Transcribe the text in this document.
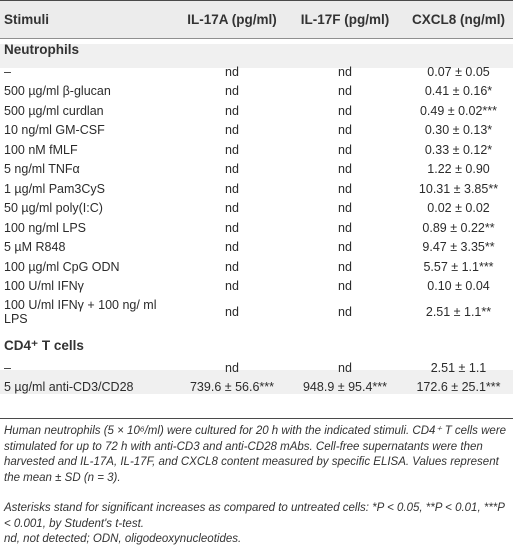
Stimuli	IL-17A (pg/ml)	IL-17F (pg/ml)	CXCL8 (ng/ml)
Neutrophils			
–	nd	nd	0.07 ± 0.05
500 µg/ml β-glucan	nd	nd	0.41 ± 0.16*
500 µg/ml curdlan	nd	nd	0.49 ± 0.02***
10 ng/ml GM-CSF	nd	nd	0.30 ± 0.13*
100 nM fMLF	nd	nd	0.33 ± 0.12*
5 ng/ml TNFα	nd	nd	1.22 ± 0.90
1 µg/ml Pam3CyS	nd	nd	10.31 ± 3.85**
50 µg/ml poly(I:C)	nd	nd	0.02 ± 0.02
100 ng/ml LPS	nd	nd	0.89 ± 0.22**
5 µM R848	nd	nd	9.47 ± 3.35**
100 µg/ml CpG ODN	nd	nd	5.57 ± 1.1***
100 U/ml IFNγ	nd	nd	0.10 ± 0.04
100 U/ml IFNγ + 100 ng/ ml LPS	nd	nd	2.51 ± 1.1**

CD4⁺ T cells			
–	nd	nd	2.51 ± 1.1
5 µg/ml anti-CD3/CD28	739.6 ± 56.6***	948.9 ± 95.4***	172.6 ± 25.1***
Human neutrophils (5 × 10⁶/ml) were cultured for 20 h with the indicated stimuli. CD4⁺ T cells were stimulated for up to 72 h with anti-CD3 and anti-CD28 mAbs. Cell-free supernatants were then harvested and IL-17A, IL-17F, and CXCL8 content measured by specific ELISA. Values represent the mean ± SD (n = 3).
Asterisks stand for significant increases as compared to untreated cells: *P < 0.05, **P < 0.01, ***P < 0.001, by Student's t-test.
nd, not detected; ODN, oligodeoxynucleotides.
